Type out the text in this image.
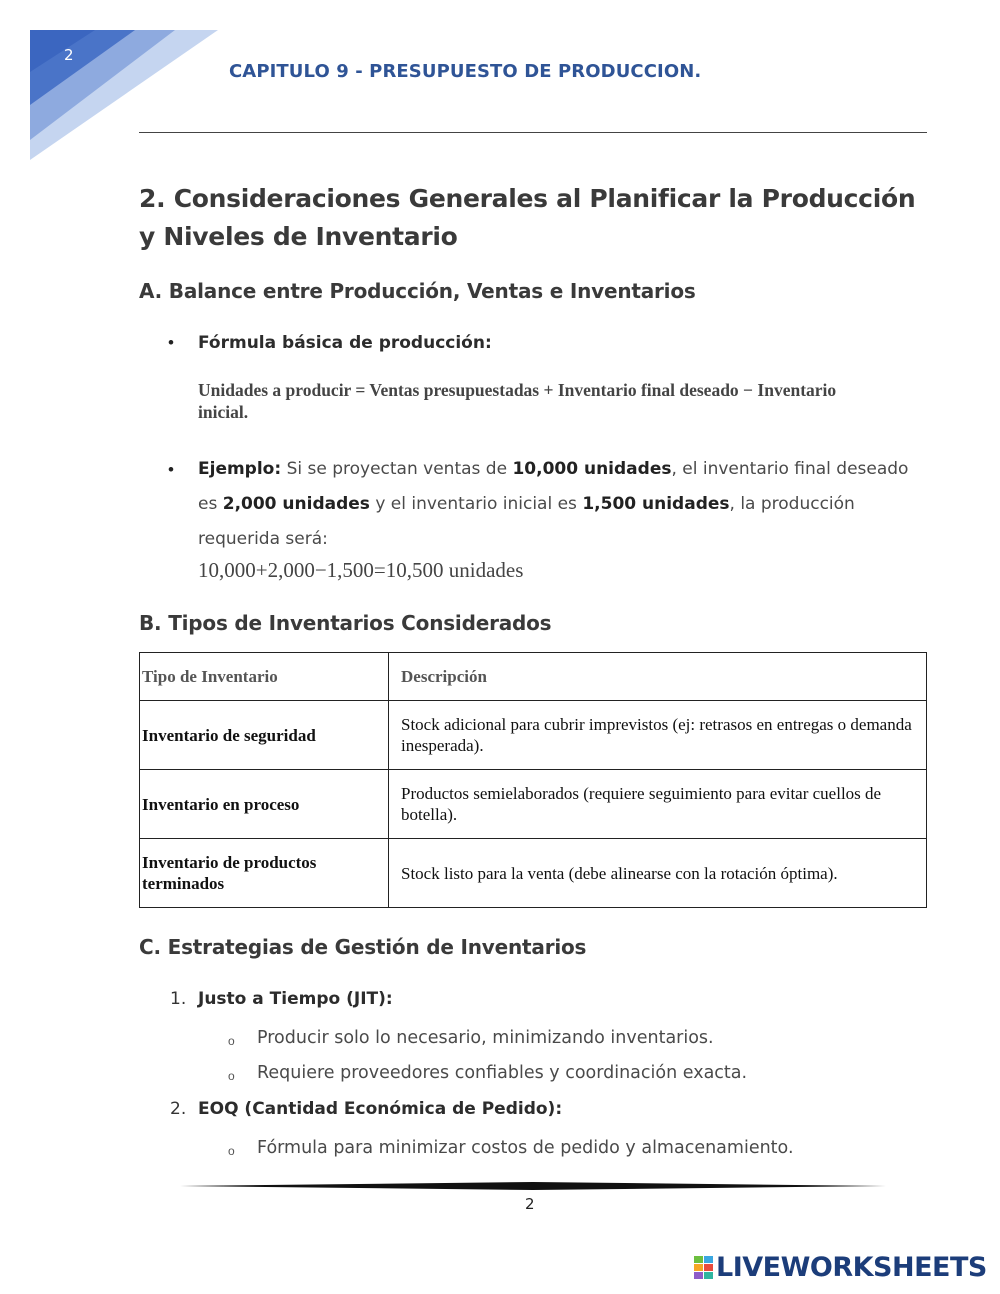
2
CAPITULO 9 - PRESUPUESTO DE PRODUCCION.
2. Consideraciones Generales al Planificar la Producción y Niveles de Inventario
A. Balance entre Producción, Ventas e Inventarios
• Fórmula básica de producción:
Unidades a producir = Ventas presupuestadas + Inventario final deseado − Inventario inicial.
• Ejemplo: Si se proyectan ventas de 10,000 unidades, el inventario final deseado es 2,000 unidades y el inventario inicial es 1,500 unidades, la producción requerida será:
10,000+2,000−1,500=10,500 unidades
B. Tipos de Inventarios Considerados
Tipo de Inventario	Descripción
Inventario de seguridad	Stock adicional para cubrir imprevistos (ej: retrasos en entregas o demanda inesperada).
Inventario en proceso	Productos semielaborados (requiere seguimiento para evitar cuellos de botella).
Inventario de productos terminados	Stock listo para la venta (debe alinearse con la rotación óptima).
C. Estrategias de Gestión de Inventarios
1. Justo a Tiempo (JIT):
o Producir solo lo necesario, minimizando inventarios.
o Requiere proveedores confiables y coordinación exacta.
2. EOQ (Cantidad Económica de Pedido):
o Fórmula para minimizar costos de pedido y almacenamiento.
2
LIVEWORKSHEETS
